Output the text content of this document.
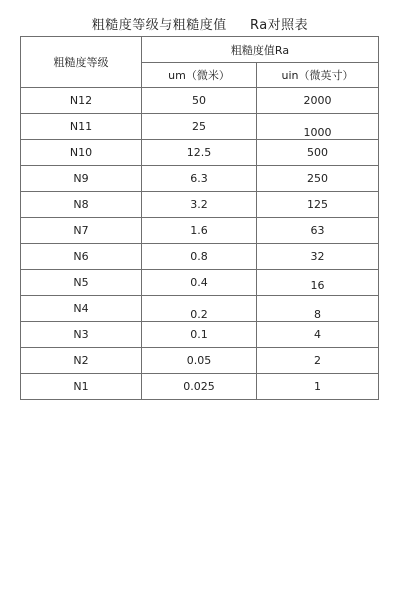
粗糙度等级与粗糙度值     Ra对照表
粗糙度等级	粗糙度值Ra	
	um（微米）	uin（微英寸）
N12	50	2000
N11	25	1000

N10	12.5	500
N9	6.3	250
N8	3.2	125
N7	1.6	63
N6	0.8	32
N5	0.4	16

N4	0.2	8

N3	0.1	4
N2	0.05	2
N1	0.025	1
